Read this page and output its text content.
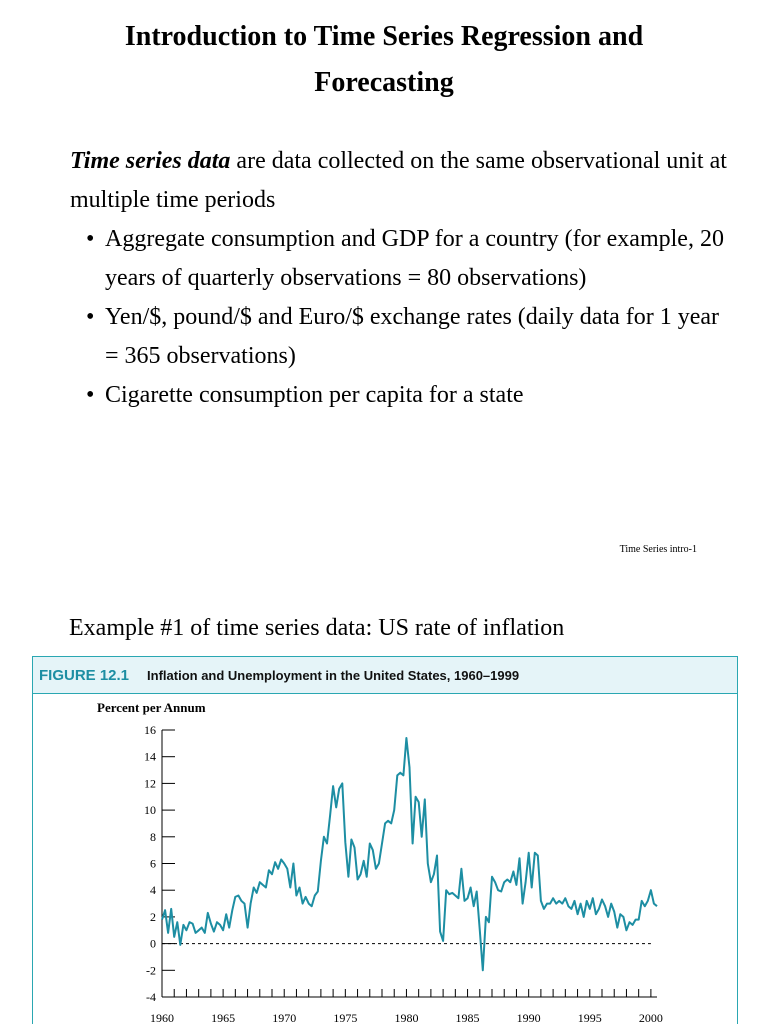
Introduction to Time Series Regression and
Forecasting
Time series data are data collected on the same observational unit at multiple time periods
• Aggregate consumption and GDP for a country (for example, 20 years of quarterly observations = 80 observations)
• Yen/$, pound/$ and Euro/$ exchange rates (daily data for 1 year = 365 observations)
• Cigarette consumption per capita for a state
Time Series intro-1
Example #1 of time series data: US rate of inflation
FIGURE 12.1 Inflation and Unemployment in the United States, 1960–1999
Percent per Annum
16
14
12
10
8
6
4
2
0
-2
-4
1960	1965	1970	1975	1980	1985	1990	1995	2000
